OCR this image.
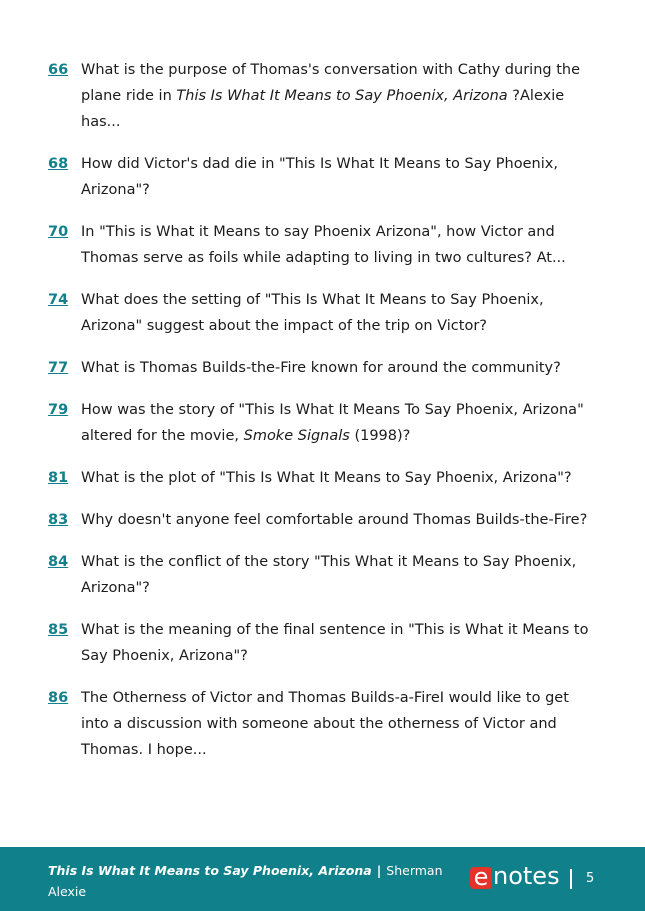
66 What is the purpose of Thomas's conversation with Cathy during the plane ride in This Is What It Means to Say Phoenix, Arizona ?Alexie has...
68 How did Victor's dad die in "This Is What It Means to Say Phoenix, Arizona"?
70 In "This is What it Means to say Phoenix Arizona", how Victor and Thomas serve as foils while adapting to living in two cultures? At...
74 What does the setting of "This Is What It Means to Say Phoenix, Arizona" suggest about the impact of the trip on Victor?
77 What is Thomas Builds-the-Fire known for around the community?
79 How was the story of "This Is What It Means To Say Phoenix, Arizona" altered for the movie, Smoke Signals (1998)?
81 What is the plot of "This Is What It Means to Say Phoenix, Arizona"?
83 Why doesn't anyone feel comfortable around Thomas Builds-the-Fire?
84 What is the conflict of the story "This What it Means to Say Phoenix, Arizona"?
85 What is the meaning of the final sentence in "This is What it Means to Say Phoenix, Arizona"?
86 The Otherness of Victor and Thomas Builds-a-FireI would like to get into a discussion with someone about the otherness of Victor and Thomas. I hope...
This Is What It Means to Say Phoenix, Arizona | Sherman Alexie
e notes 5
